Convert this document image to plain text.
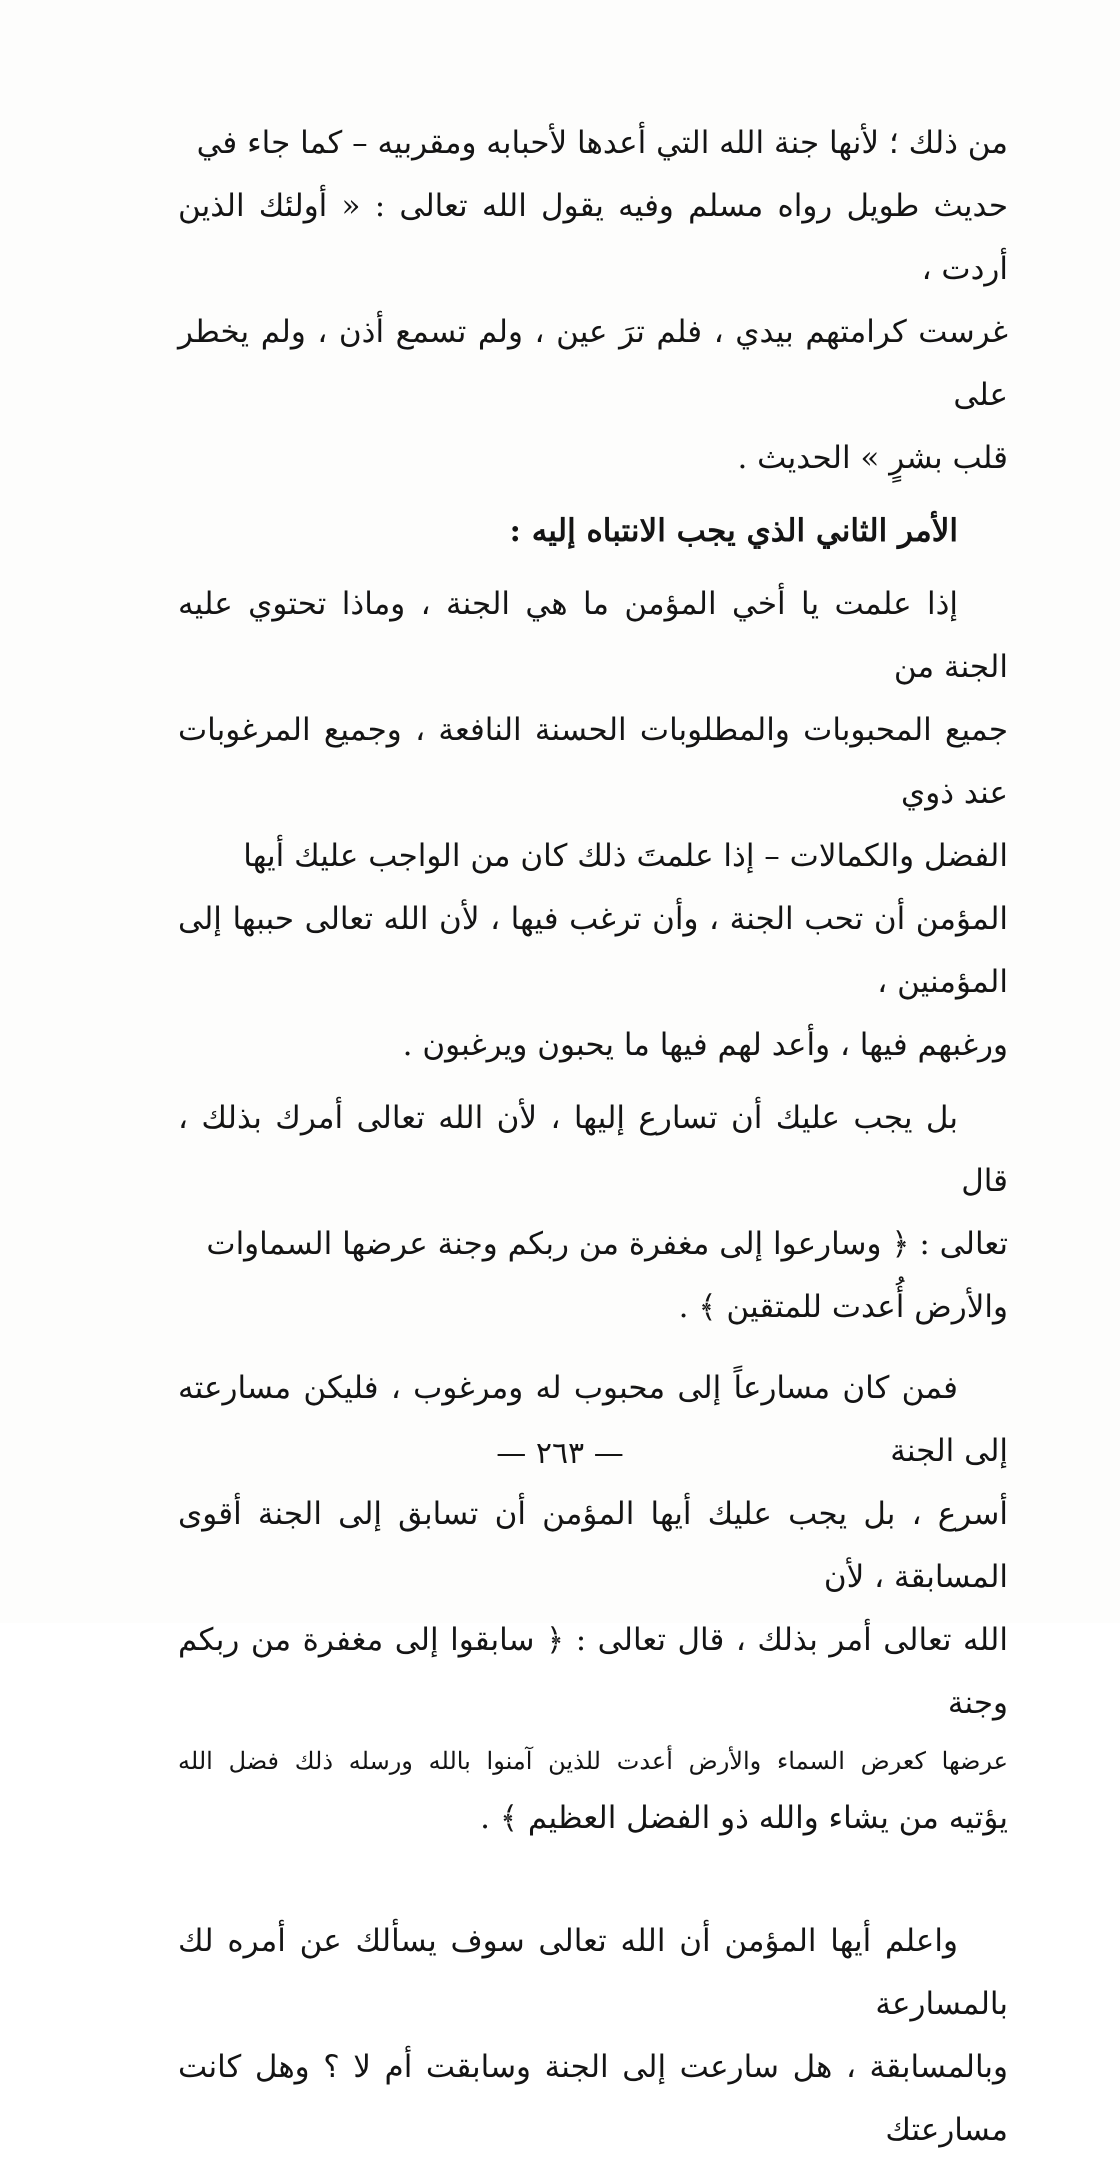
من ذلك ؛ لأنها جنة الله التي أعدها لأحبابه ومقربيه – كما جاء في

حديث طويل رواه مسلم وفيه يقول الله تعالى : « أولئك الذين أردت ،

غرست كرامتهم بيدي ، فلم ترَ عين ، ولم تسمع أذن ، ولم يخطر على

قلب بشرٍ » الحديث .

الأمر الثاني الذي يجب الانتباه إليه :

إذا علمت يا أخي المؤمن ما هي الجنة ، وماذا تحتوي عليه الجنة من

جميع المحبوبات والمطلوبات الحسنة النافعة ، وجميع المرغوبات عند ذوي

الفضل والكمالات – إذا علمتَ ذلك كان من الواجب عليك أيها

المؤمن أن تحب الجنة ، وأن ترغب فيها ، لأن الله تعالى حببها إلى المؤمنين ،

ورغبهم فيها ، وأعد لهم فيها ما يحبون ويرغبون .

بل يجب عليك أن تسارع إليها ، لأن الله تعالى أمرك بذلك ، قال

تعالى : ﴿ وسارعوا إلى مغفرة من ربكم وجنة عرضها السماوات

والأرض أُعدت للمتقين ﴾ .

فمن كان مسارعاً إلى محبوب له ومرغوب ، فليكن مسارعته إلى الجنة

أسرع ، بل يجب عليك أيها المؤمن أن تسابق إلى الجنة أقوى المسابقة ، لأن

الله تعالى أمر بذلك ، قال تعالى : ﴿ سابقوا إلى مغفرة من ربكم وجنة

عرضها كعرض السماء والأرض أعدت للذين آمنوا بالله ورسله ذلك فضل الله

يؤتيه من يشاء والله ذو الفضل العظيم ﴾ .

واعلم أيها المؤمن أن الله تعالى سوف يسألك عن أمره لك بالمسارعة

وبالمسابقة ، هل سارعت إلى الجنة وسابقت أم لا ؟ وهل كانت مسارعتك

— ٢٦٣ —
